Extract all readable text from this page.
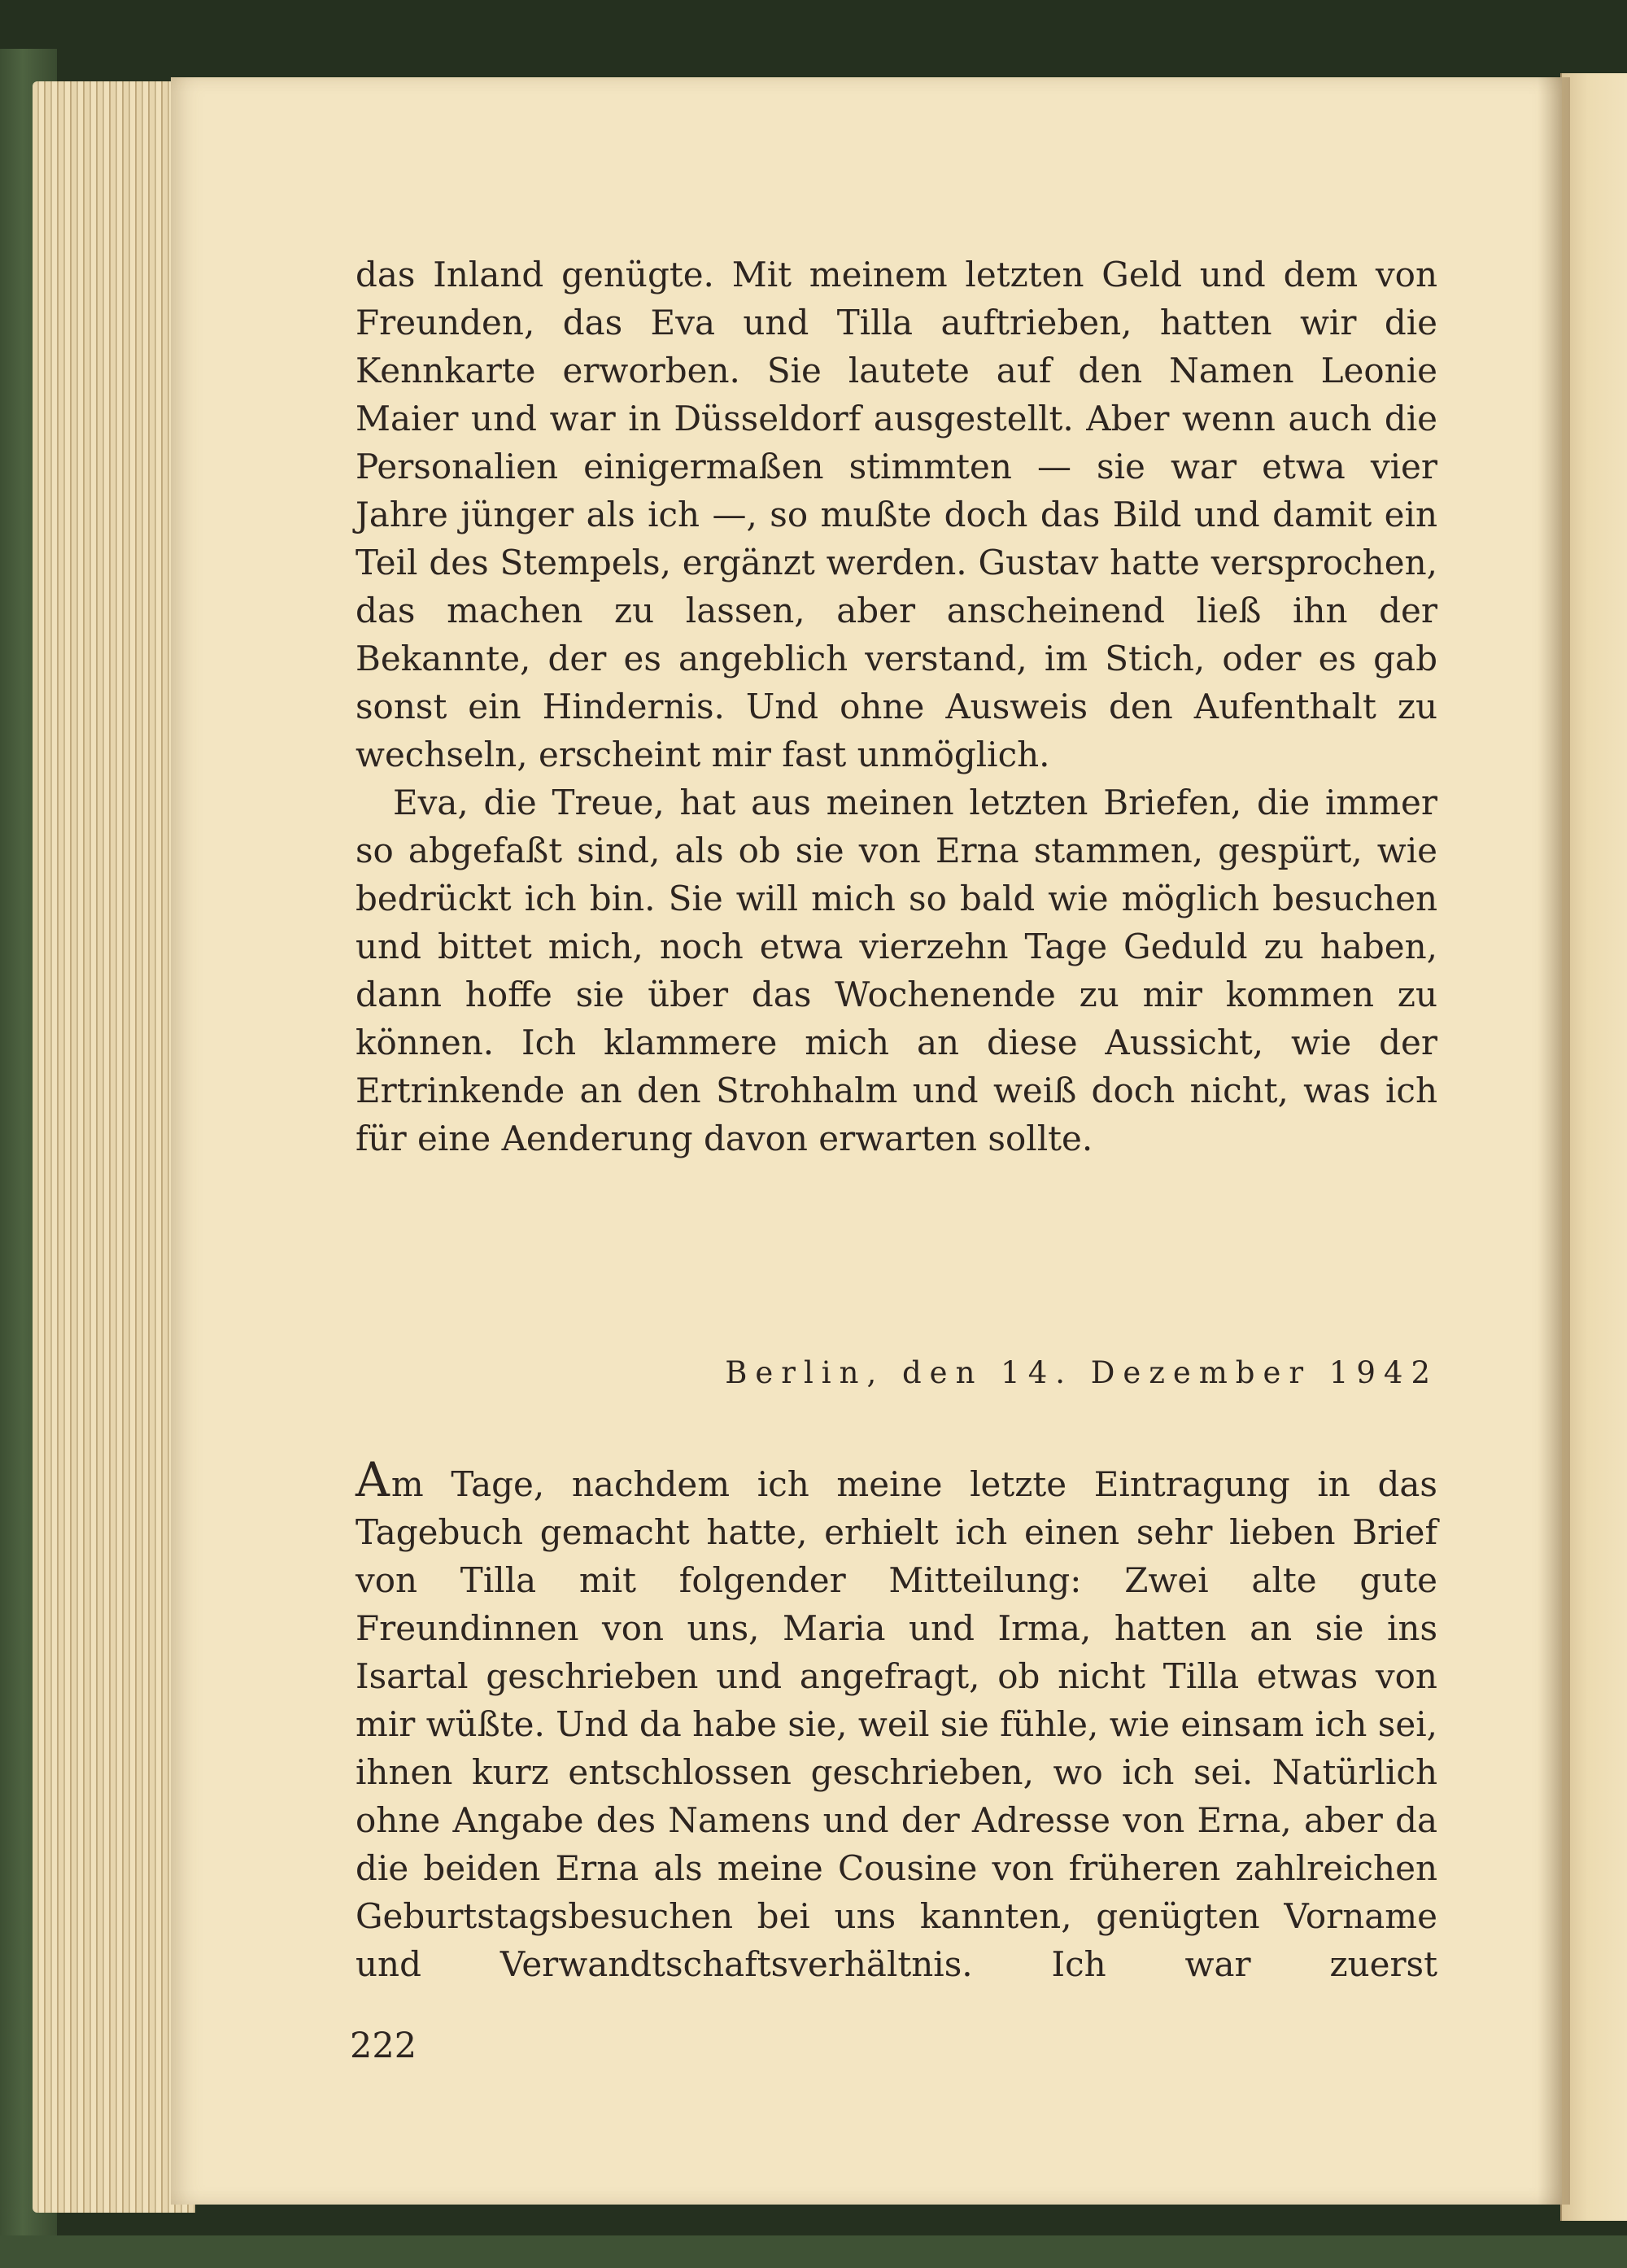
das Inland genügte. Mit meinem letzten Geld und dem von Freunden, das Eva und Tilla auftrieben, hatten wir die Kennkarte erworben. Sie lautete auf den Namen Leonie Maier und war in Düsseldorf ausgestellt. Aber wenn auch die Personalien einigermaßen stimmten — sie war etwa vier Jahre jünger als ich —, so mußte doch das Bild und damit ein Teil des Stempels, ergänzt werden. Gustav hatte versprochen, das machen zu lassen, aber anscheinend ließ ihn der Bekannte, der es angeblich verstand, im Stich, oder es gab sonst ein Hindernis. Und ohne Ausweis den Aufenthalt zu wechseln, erscheint mir fast unmöglich.

Eva, die Treue, hat aus meinen letzten Briefen, die immer so abgefaßt sind, als ob sie von Erna stammen, gespürt, wie bedrückt ich bin. Sie will mich so bald wie möglich besuchen und bittet mich, noch etwa vierzehn Tage Geduld zu haben, dann hoffe sie über das Wochenende zu mir kommen zu können. Ich klammere mich an diese Aussicht, wie der Ertrinkende an den Strohhalm und weiß doch nicht, was ich für eine Aenderung davon erwarten sollte.

Berlin, den 14. Dezember 1942

Am Tage, nachdem ich meine letzte Eintragung in das Tagebuch gemacht hatte, erhielt ich einen sehr lieben Brief von Tilla mit folgender Mitteilung: Zwei alte gute Freundinnen von uns, Maria und Irma, hatten an sie ins Isartal geschrieben und angefragt, ob nicht Tilla etwas von mir wüßte. Und da habe sie, weil sie fühle, wie einsam ich sei, ihnen kurz entschlossen geschrieben, wo ich sei. Natürlich ohne Angabe des Namens und der Adresse von Erna, aber da die beiden Erna als meine Cousine von früheren zahlreichen Geburtstagsbesuchen bei uns kannten, genügten Vorname und Verwandtschaftsverhältnis. Ich war zuerst

222
